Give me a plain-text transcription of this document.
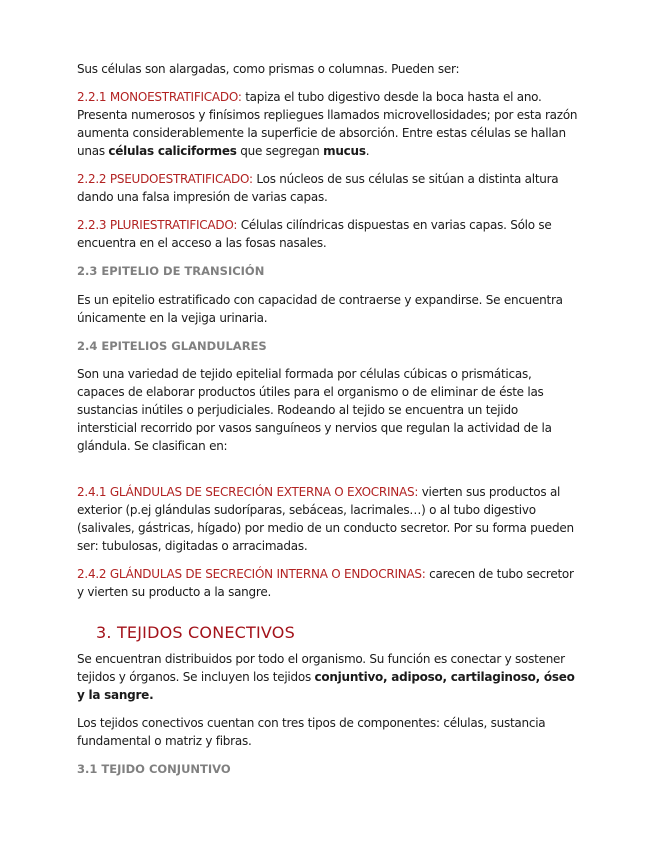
Sus células son alargadas, como prismas o columnas. Pueden ser:

2.2.1 MONOESTRATIFICADO: tapiza el tubo digestivo desde la boca hasta el ano. Presenta numerosos y finísimos repliegues llamados microvellosidades; por esta razón aumenta considerablemente la superficie de absorción. Entre estas células se hallan unas células caliciformes que segregan mucus.

2.2.2 PSEUDOESTRATIFICADO: Los núcleos de sus células se sitúan a distinta altura dando una falsa impresión de varias capas.

2.2.3 PLURIESTRATIFICADO: Células cilíndricas dispuestas en varias capas. Sólo se encuentra en el acceso a las fosas nasales.

2.3 EPITELIO DE TRANSICIÓN

Es un epitelio estratificado con capacidad de contraerse y expandirse. Se encuentra únicamente en la vejiga urinaria.

2.4 EPITELIOS GLANDULARES

Son una variedad de tejido epitelial formada por células cúbicas o prismáticas, capaces de elaborar productos útiles para el organismo o de eliminar de éste las sustancias inútiles o perjudiciales. Rodeando al tejido se encuentra un tejido intersticial recorrido por vasos sanguíneos y nervios que regulan la actividad de la glándula. Se clasifican en:

2.4.1 GLÁNDULAS DE SECRECIÓN EXTERNA O EXOCRINAS: vierten sus productos al exterior (p.ej glándulas sudoríparas, sebáceas, lacrimales…) o al tubo digestivo (salivales, gástricas, hígado) por medio de un conducto secretor. Por su forma pueden ser: tubulosas, digitadas o arracimadas.

2.4.2 GLÁNDULAS DE SECRECIÓN INTERNA O ENDOCRINAS: carecen de tubo secretor y vierten su producto a la sangre.

3. TEJIDOS CONECTIVOS

Se encuentran distribuidos por todo el organismo. Su función es conectar y sostener tejidos y órganos. Se incluyen los tejidos conjuntivo, adiposo, cartilaginoso, óseo y la sangre.

Los tejidos conectivos cuentan con tres tipos de componentes: células, sustancia fundamental o matriz y fibras.

3.1 TEJIDO CONJUNTIVO
